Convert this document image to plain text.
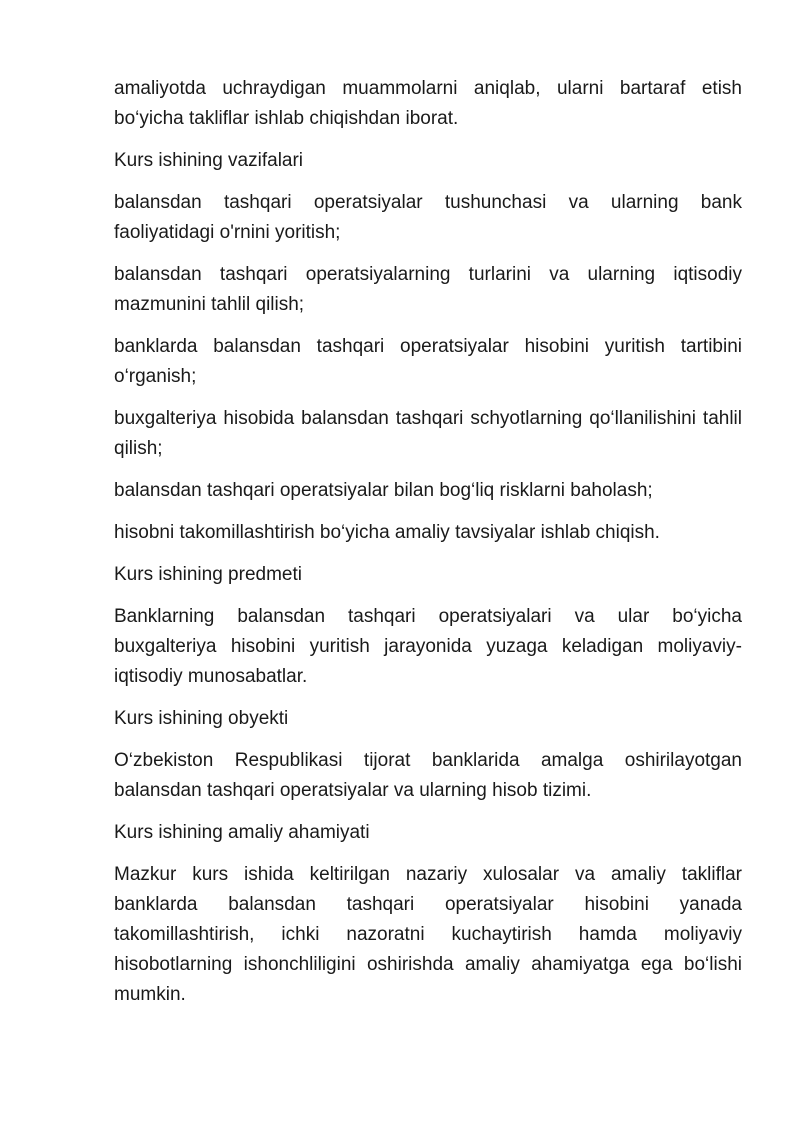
amaliyotda uchraydigan muammolarni aniqlab, ularni bartaraf etish bo‘yicha takliflar ishlab chiqishdan iborat.

Kurs ishining vazifalari

balansdan tashqari operatsiyalar tushunchasi va ularning bank faoliyatidagi o'rnini yoritish;

balansdan tashqari operatsiyalarning turlarini va ularning iqtisodiy mazmunini tahlil qilish;

banklarda balansdan tashqari operatsiyalar hisobini yuritish tartibini o‘rganish;

buxgalteriya hisobida balansdan tashqari schyotlarning qo‘llanilishini tahlil qilish;

balansdan tashqari operatsiyalar bilan bog‘liq risklarni baholash;

hisobni takomillashtirish bo‘yicha amaliy tavsiyalar ishlab chiqish.

Kurs ishining predmeti

Banklarning balansdan tashqari operatsiyalari va ular bo‘yicha buxgalteriya hisobini yuritish jarayonida yuzaga keladigan moliyaviy-iqtisodiy munosabatlar.

Kurs ishining obyekti

O‘zbekiston Respublikasi tijorat banklarida amalga oshirilayotgan balansdan tashqari operatsiyalar va ularning hisob tizimi.

Kurs ishining amaliy ahamiyati

Mazkur kurs ishida keltirilgan nazariy xulosalar va amaliy takliflar banklarda balansdan tashqari operatsiyalar hisobini yanada takomillashtirish, ichki nazoratni kuchaytirish hamda moliyaviy hisobotlarning ishonchliligini oshirishda amaliy ahamiyatga ega bo‘lishi mumkin.
